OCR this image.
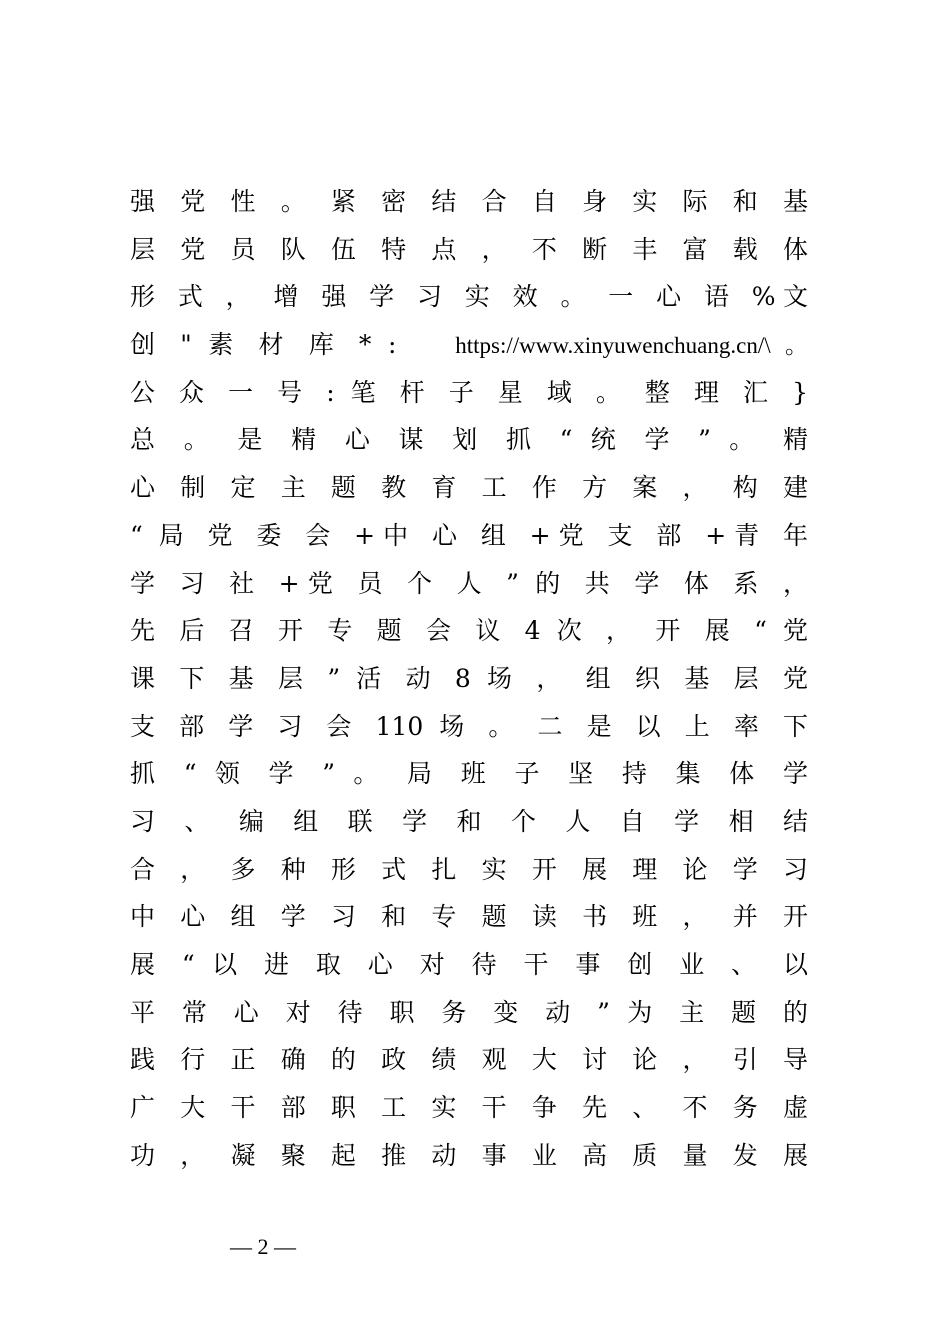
强 党 性 。 紧 密 结 合 自 身 实 际 和 基
层 党 员 队 伍 特 点 ， 不 断 丰 富 载 体
形 式 ， 增 强 学 习 实 效 。 一 心 语 %文
创 " 素 材 库 * :　	https://www.xinyuwenchuang.cn/\ 。
公 众 一 号 : 笔 杆 子 星 域 。 整 理 汇 }
总 。 是 精 心 谋 划 抓 “ 统 学 ” 。 精
心 制 定 主 题 教 育 工 作 方 案 ， 构 建
“ 局 党 委 会 +中 心 组 +党 支 部 +青 年
学 习 社 +党 员 个 人 ” 的 共 学 体 系 ，
先 后 召 开 专 题 会 议 4 次 ， 开 展 “ 党
课 下 基 层 ” 活 动 8 场 ， 组 织 基 层 党
支 部 学 习 会 110 场 。 二 是 以 上 率 下
抓 “ 领 学 ” 。 局 班 子 坚 持 集 体 学
习 、 编 组 联 学 和 个 人 自 学 相 结
合 ， 多 种 形 式 扎 实 开 展 理 论 学 习
中 心 组 学 习 和 专 题 读 书 班 ， 并 开
展 “ 以 进 取 心 对 待 干 事 创 业 、 以
平 常 心 对 待 职 务 变 动 ” 为 主 题 的
践 行 正 确 的 政 绩 观 大 讨 论 ， 引 导
广 大 干 部 职 工 实 干 争 先 、 不 务 虚
功 ， 凝 聚 起 推 动 事 业 高 质 量 发 展
— 2 —
